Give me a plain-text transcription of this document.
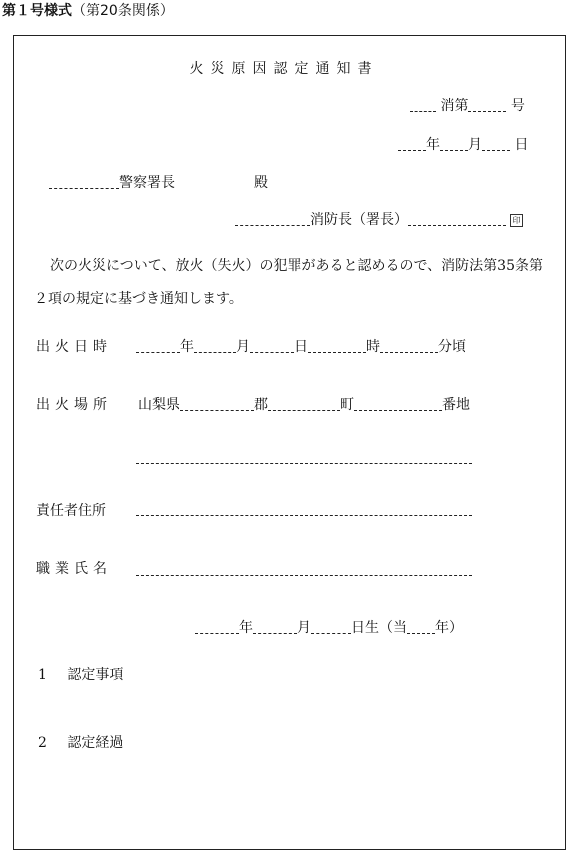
第１号様式（第20条関係）
火災原因認定通知書
消第	号
年 月 日
警察署長	殿
消防長（署長）	印
次の火災について、放火（失火）の犯罪があると認めるので、消防法第35条第
２項の規定に基づき通知します。
出火日時	年	月	日	時	分頃
出火場所 山梨県	郡	町	番地
責任者住所
職業氏名
年	月	日生（当 年）
1 認定事項
2 認定経過
